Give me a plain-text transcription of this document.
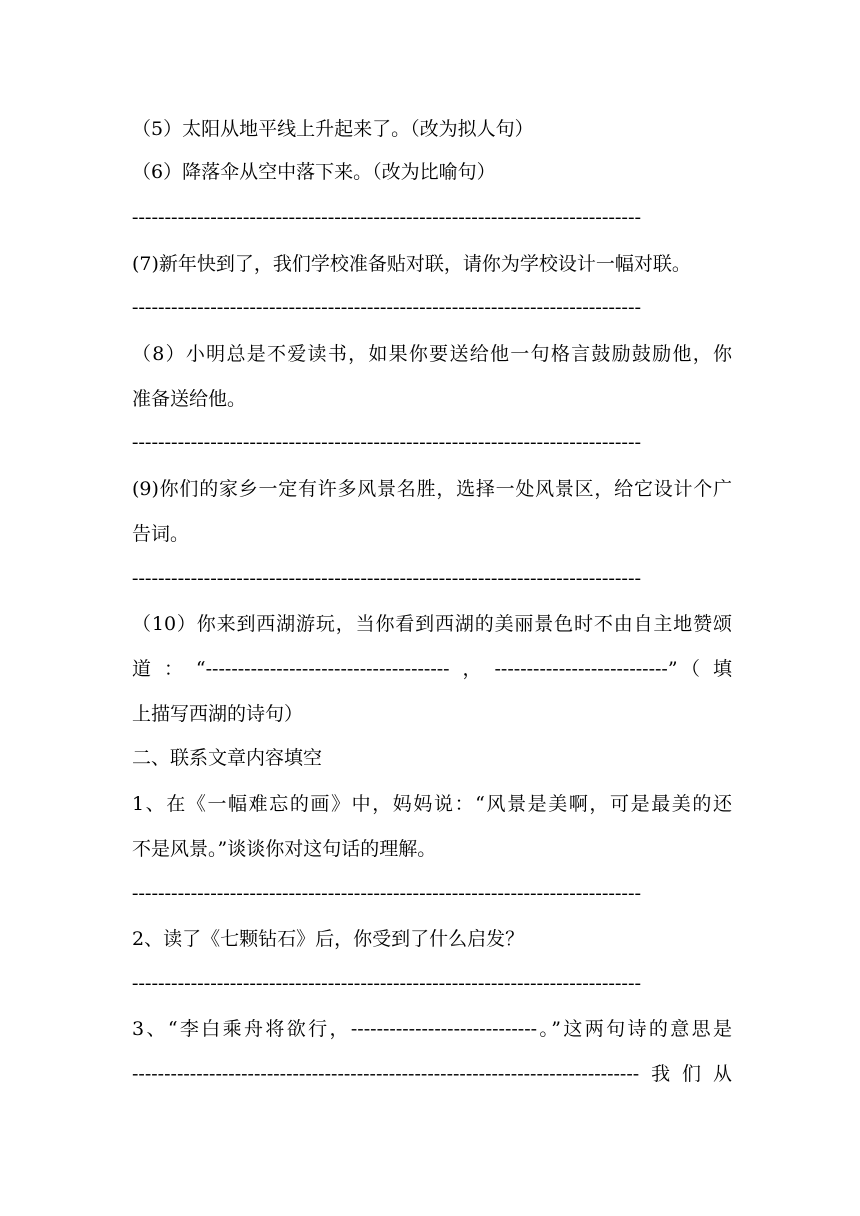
（5）太阳从地平线上升起来了。（改为拟人句）
（6）降落伞从空中落下来。（改为比喻句）
------------------------------------------------------------------------------
(7)新年快到了，我们学校准备贴对联，请你为学校设计一幅对联。
------------------------------------------------------------------------------
（8）小明总是不爱读书，如果你要送给他一句格言鼓励鼓励他，你
准备送给他。
------------------------------------------------------------------------------
(9)你们的家乡一定有许多风景名胜，选择一处风景区，给它设计个广
告词。
------------------------------------------------------------------------------
（10）你来到西湖游玩，当你看到西湖的美丽景色时不由自主地赞颂
道：“--------------------------------------，---------------------------”（填
上描写西湖的诗句）
二、联系文章内容填空
1、在《一幅难忘的画》中，妈妈说：“风景是美啊，可是最美的还
不是风景。”谈谈你对这句话的理解。
------------------------------------------------------------------------------
2、读了《七颗钻石》后，你受到了什么启发？
------------------------------------------------------------------------------
3、“李白乘舟将欲行，-----------------------------。”这两句诗的意思是
-------------------------------------------------------------------------------我们从
